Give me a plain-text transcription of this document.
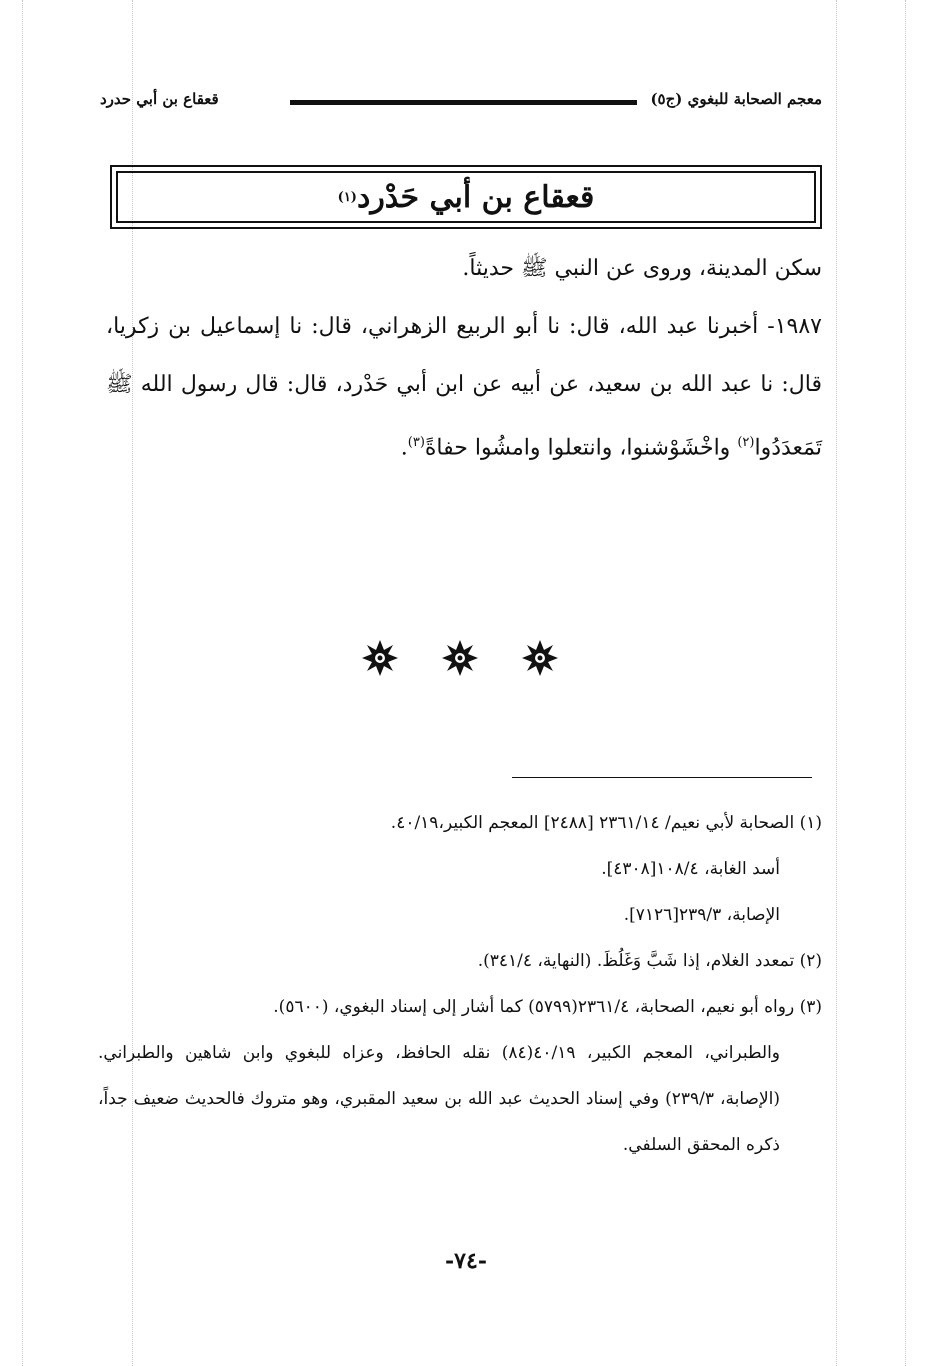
معجم الصحابة للبغوي (ج٥)
قعقاع بن أبي حدرد
قعقاع بن أبي حَدْرد
(١)

سكن المدينة، وروى عن النبي ﷺ حديثاً.

١٩٨٧- أخبرنا عبد الله، قال: نا أبو الربيع الزهراني، قال: نا إسماعيل بن زكريا، قال: نا عبد الله بن سعيد، عن أبيه عن ابن أبي حَدْرد، قال: قال رسول الله ﷺ تَمَعدَدُوا$^{(٢)}$ واخْشَوْشنوا، وانتعلوا وامشُوا حفاةً$^{(٣)}$.

(١) الصحابة لأبي نعيم/ ٢٣٦١/١٤ [٢٤٨٨] المعجم الكبير،٤٠/١٩.

أسد الغابة، ١٠٨/٤[٤٣٠٨].

الإصابة، ٢٣٩/٣[٧١٢٦].

(٢) تمعدد الغلام، إذا شَبَّ وَغَلُظَ. (النهاية، ٣٤١/٤).

(٣) رواه أبو نعيم، الصحابة، ٢٣٦١/٤(٥٧٩٩) كما أشار إلى إسناد البغوي، (٥٦٠٠).

والطبراني، المعجم الكبير، ٤٠/١٩(٨٤) نقله الحافظ، وعزاه للبغوي وابن شاهين والطبراني. (الإصابة، ٢٣٩/٣) وفي إسناد الحديث عبد الله بن سعيد المقبري، وهو متروك فالحديث ضعيف جداً، ذكره المحقق السلفي.

-٧٤-
